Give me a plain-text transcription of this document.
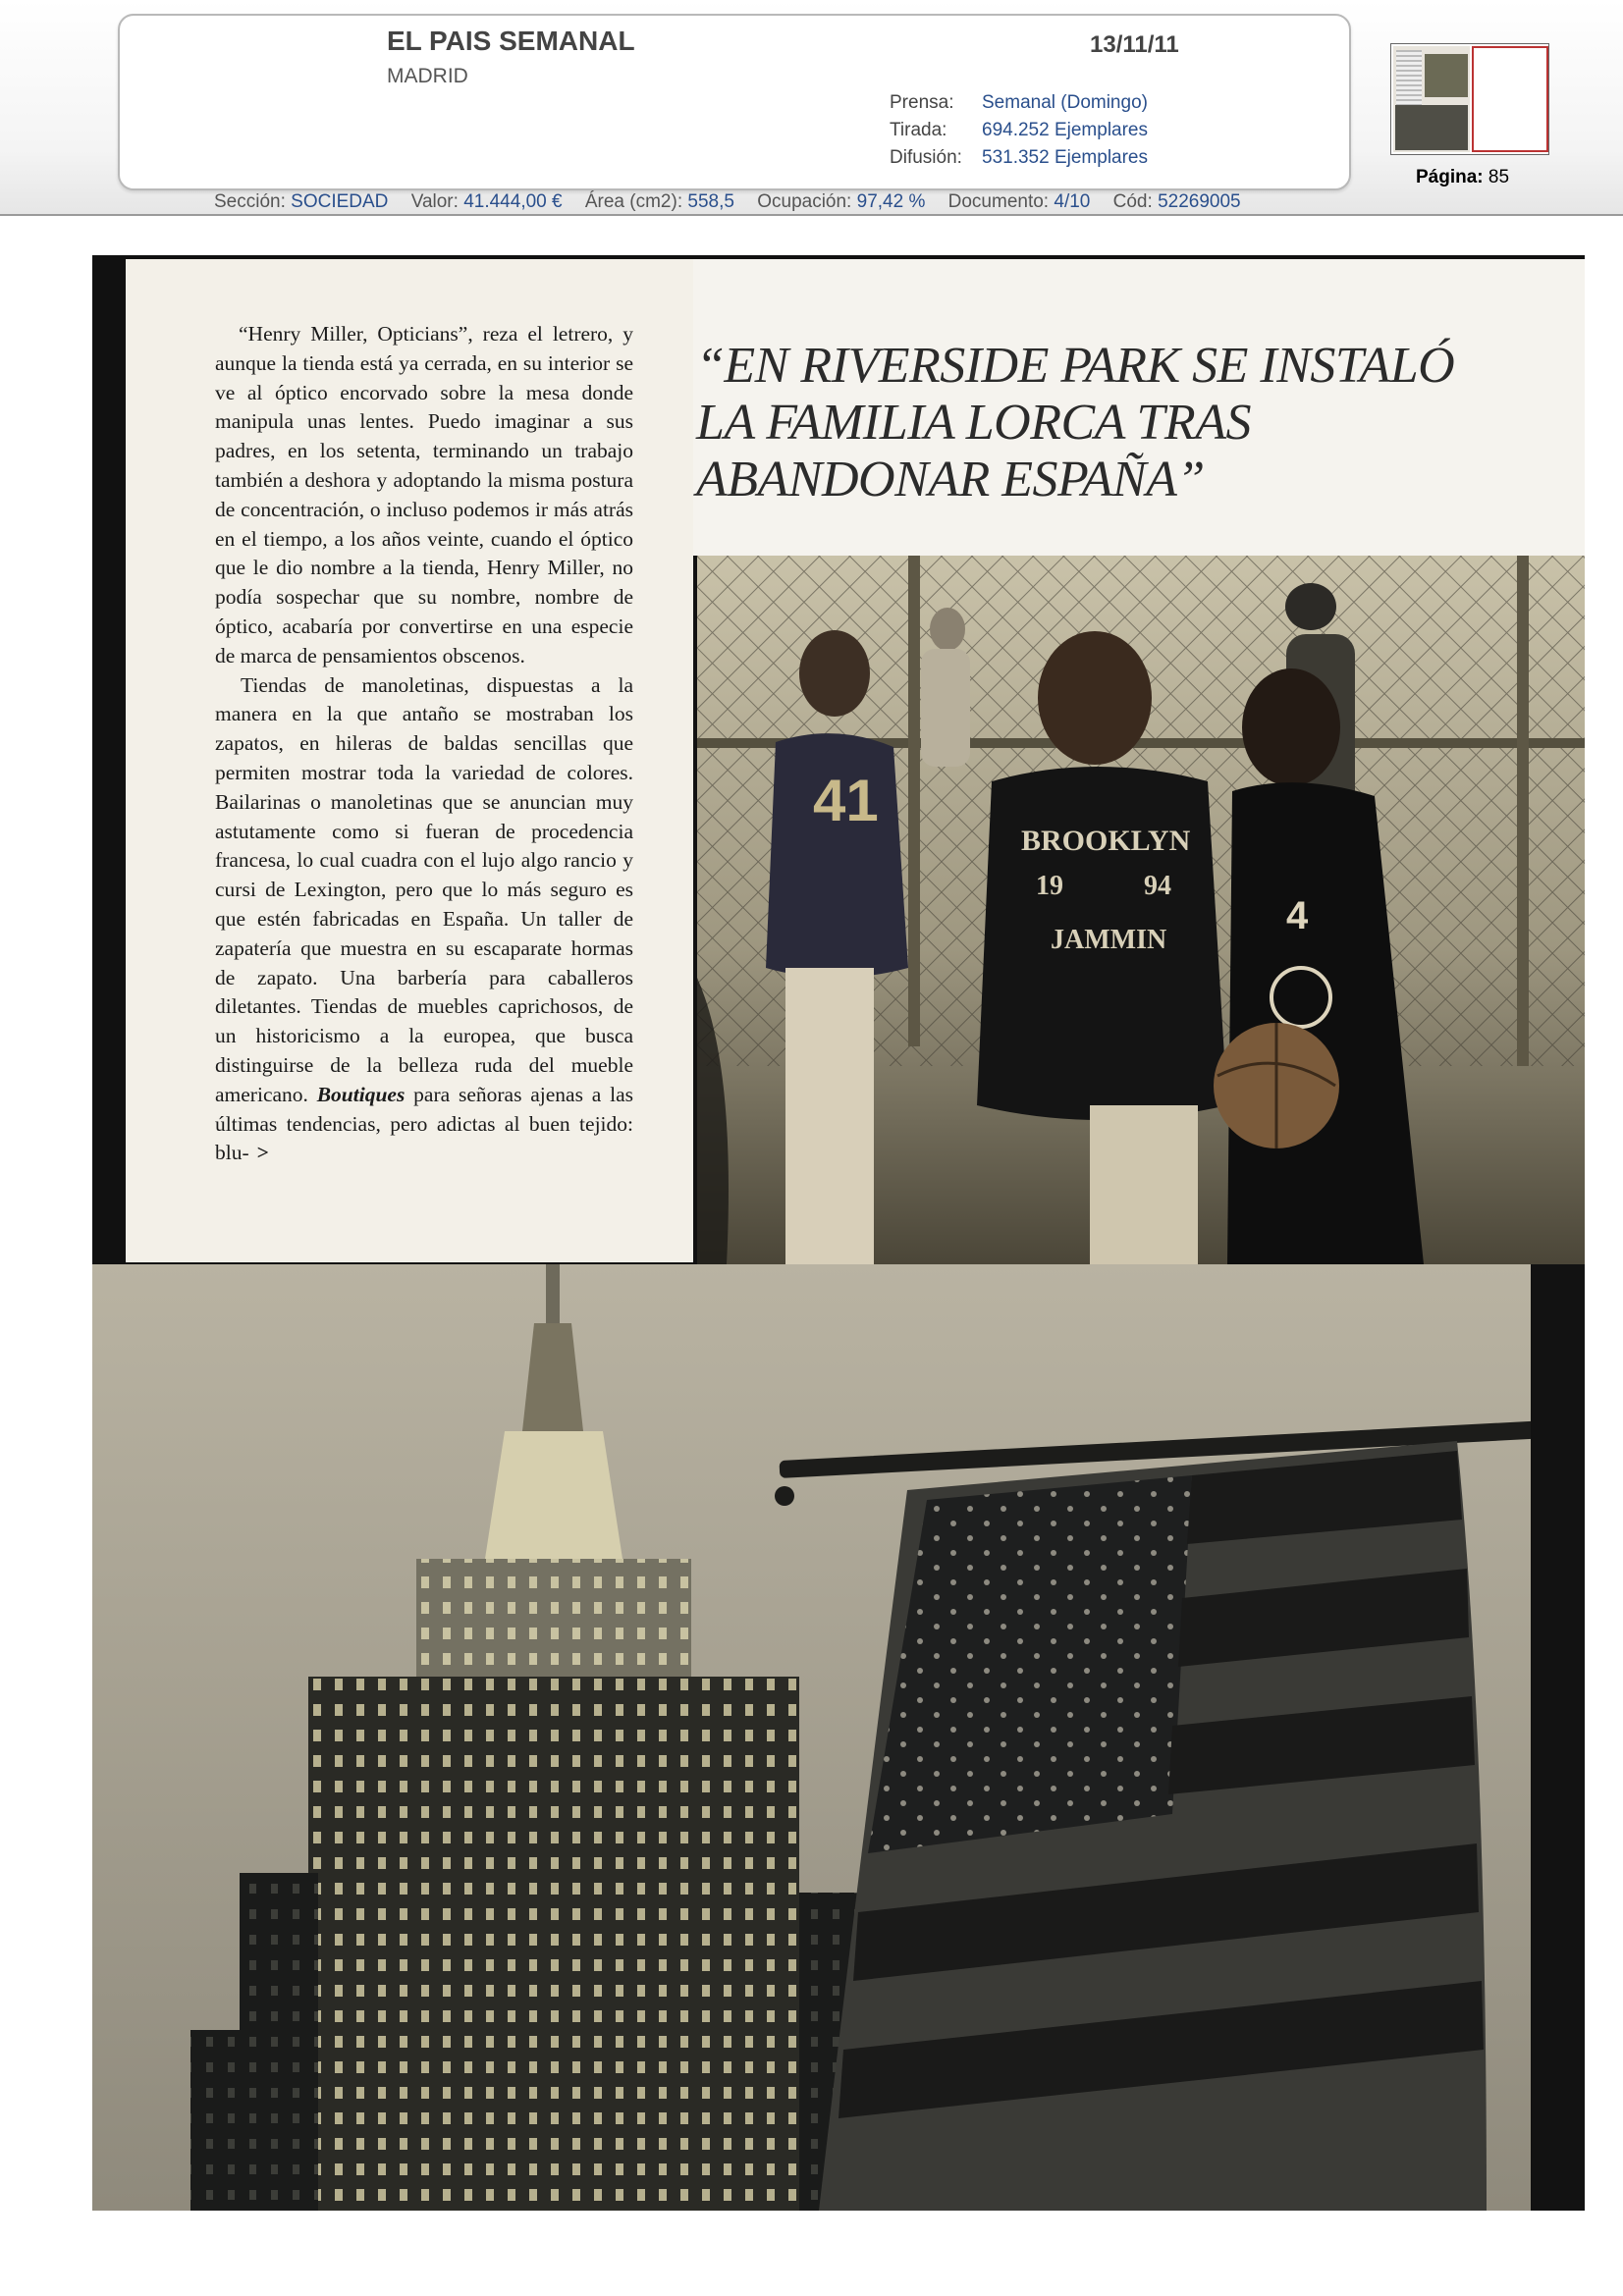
EL PAIS SEMANAL
MADRID
13/11/11
Prensa: Semanal (Domingo)
Tirada: 694.252 Ejemplares
Difusión: 531.352 Ejemplares
Página: 85
Sección: SOCIEDAD Valor: 41.444,00 € Área (cm2): 558,5 Ocupación: 97,42 % Documento: 4/10 Cód: 52269005

“Henry Miller, Opticians”, reza el letrero, y aunque la tienda está ya cerrada, en su interior se ve al óptico encorvado sobre la mesa donde manipula unas lentes. Puedo imaginar a sus padres, en los setenta, terminando un trabajo también a deshora y adoptando la misma postura de concentración, o incluso podemos ir más atrás en el tiempo, a los años veinte, cuando el óptico que le dio nombre a la tienda, Henry Miller, no podía sospechar que su nombre, nombre de óptico, acabaría por convertirse en una especie de marca de pensamientos obscenos.

Tiendas de manoletinas, dispuestas a la manera en la que antaño se mostraban los zapatos, en hileras de baldas sencillas que permiten mostrar toda la variedad de colores. Bailarinas o manoletinas que se anuncian muy astutamente como si fueran de procedencia francesa, lo cual cuadra con el lujo algo rancio y cursi de Lexington, pero que lo más seguro es que estén fabricadas en España. Un taller de zapatería que muestra en su escaparate hormas de zapato. Una barbería para caballeros diletantes. Tiendas de muebles caprichosos, de un historicismo a la europea, que busca distinguirse de la belleza ruda del mueble americano. Boutiques para señoras ajenas a las últimas tendencias, pero adictas al buen tejido: blu- >

“EN RIVERSIDE PARK SE INSTALÓ LA FAMILIA LORCA TRAS ABANDONAR ESPAÑA”
41
BROOKLYN
19	94
JAMMIN
4
